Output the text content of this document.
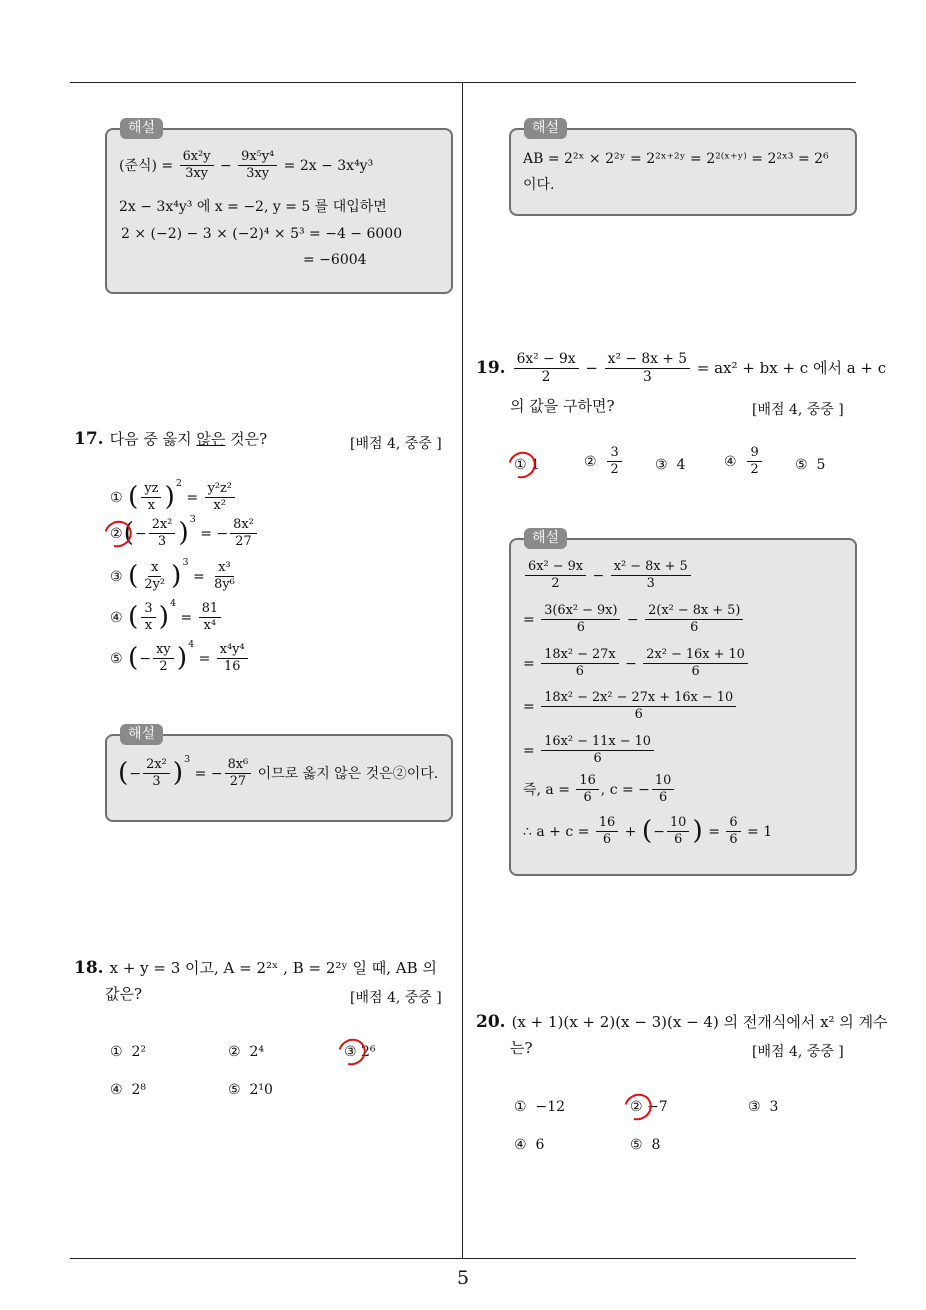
5
(준식) =
$\frac{\text{6x²y}}{3xy} - \frac{\text{9x⁵y⁴}}{3xy}$
= 2x − 3x⁴y³
2x − 3x⁴y³ 에 x = −2, y = 5 를 대입하면
2 × (−2) − 3 × (−2)⁴ × 5³ = −4 − 6000
= −6004
해설
17. 다음 중 옳지 않은 것은?	[배점 4, 중중 ]
①
( $\frac{yz}{x}$ ) 2
= $\frac{\text{y²z²}}{\text{x²}}$
② ( − $\frac{\text{2x²}}{3}$ ) 3
= − $\frac{\text{8x²}}{27}$
③
( $\frac{x}{\text{2y²}}$ ) 3
= $\frac{\text{x³}}{\text{8y⁶}}$
④
( $\frac{3}{x}$ ) 4
= $\frac{81}{\text{x⁴}}$
⑤
( − $\frac{xy}{2}$ ) 4
= $\frac{\text{x⁴y⁴}}{16}$
( − $\frac{\text{2x²}}{3}$ ) 3
= − $\frac{\text{8x⁶}}{27}$
이므로 옳지 않은 것은②이다.
해설
18. x + y = 3 이고, A = 2²ˣ , B = 2²ʸ 일 때, AB 의
값은?	[배점 4, 중중 ]
①
2²	②
2⁴	③
2⁶
④
2⁸	⑤
2¹0
AB = 2²ˣ × 2²ʸ = 2²ˣ⁺²ʸ = 2²⁽ˣ⁺ʸ⁾ = 2²ˣ³ = 2⁶
이다.
해설
19. $\frac{\text{6x² − 9x}}{2} - \frac{\text{x² − 8x + 5}}{3}$
= ax² + bx + c 에서 a + c
의 값을 구하면?	[배점 4, 중중 ]
①
1	②
$\frac{3}{2}$ ③
4	④
$\frac{9}{2}$ ⑤
5
$\frac{\text{6x² − 9x}}{2} - \frac{\text{x² − 8x + 5}}{3}$
= $\frac{\text{3(6x² − 9x)}}{6} - \frac{\text{2(x² − 8x + 5)}}{6}$
= $\frac{\text{18x² − 27x}}{6} - \frac{\text{2x² − 16x + 10}}{6}$
= $\frac{\text{18x² − 2x² − 27x + 16x − 10}}{6}$
= $\frac{\text{16x² − 11x − 10}}{6}$
즉, a =
$\frac{16}{6}$ , c = − $\frac{10}{6}$
∴ a + c =
$\frac{16}{6}$ + ( − $\frac{10}{6}$ ) = $\frac{6}{6}$
= 1
해설
20. (x + 1)(x + 2)(x − 3)(x − 4) 의 전개식에서 x² 의 계수
는?	[배점 4, 중중 ]
①
−12	②
−7	③
3
④
6	⑤
8
